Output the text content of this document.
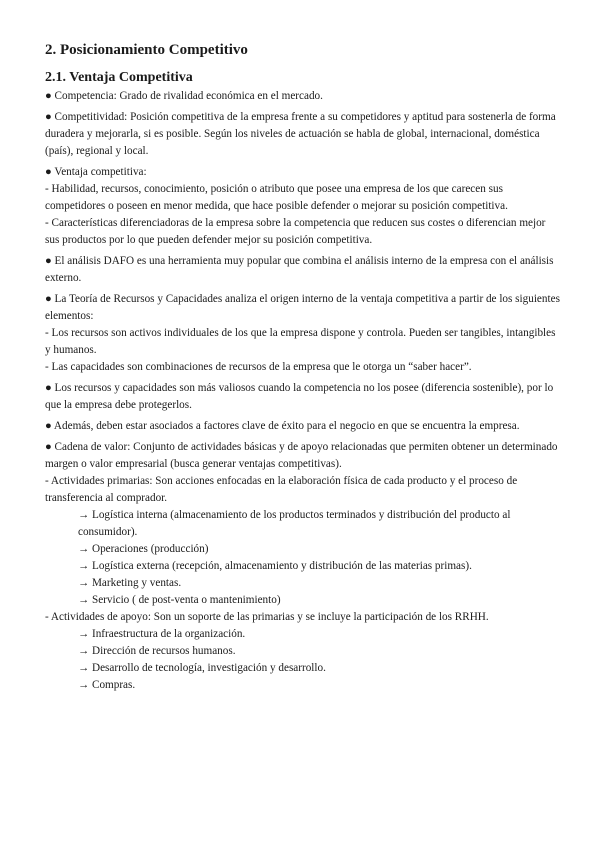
2. Posicionamiento Competitivo
2.1. Ventaja Competitiva
● Competencia: Grado de rivalidad económica en el mercado.
● Competitividad: Posición competitiva de la empresa frente a su competidores y aptitud para sostenerla de forma duradera y mejorarla, si es posible. Según los niveles de actuación se habla de global, internacional, doméstica (país), regional y local.
● Ventaja competitiva:
- Habilidad, recursos, conocimiento, posición o atributo que posee una empresa de los que carecen sus competidores o poseen en menor medida, que hace posible defender o mejorar su posición competitiva.
- Características diferenciadoras de la empresa sobre la competencia que reducen sus costes o diferencian mejor sus productos por lo que pueden defender mejor su posición competitiva.
● El análisis DAFO es una herramienta muy popular que combina el análisis interno de la empresa con el análisis externo.
● La Teoría de Recursos y Capacidades analiza el origen interno de la ventaja competitiva a partir de los siguientes elementos:
- Los recursos son activos individuales de los que la empresa dispone y controla. Pueden ser tangibles, intangibles y humanos.
- Las capacidades son combinaciones de recursos de la empresa que le otorga un “saber hacer”.
● Los recursos y capacidades son más valiosos cuando la competencia no los posee (diferencia sostenible), por lo que la empresa debe protegerlos.
● Además, deben estar asociados a factores clave de éxito para el negocio en que se encuentra la empresa.
● Cadena de valor: Conjunto de actividades básicas y de apoyo relacionadas que permiten obtener un determinado margen o valor empresarial (busca generar ventajas competitivas).
- Actividades primarias: Son acciones enfocadas en la elaboración física de cada producto y el proceso de transferencia al comprador.
→ Logística interna (almacenamiento de los productos terminados y distribución del producto al consumidor).
→ Operaciones (producción)
→ Logística externa (recepción, almacenamiento y distribución de las materias primas).
→ Marketing y ventas.
→ Servicio ( de post-venta o mantenimiento)
- Actividades de apoyo: Son un soporte de las primarias y se incluye la participación de los RRHH.
→ Infraestructura de la organización.
→ Dirección de recursos humanos.
→ Desarrollo de tecnología, investigación y desarrollo.
→ Compras.
